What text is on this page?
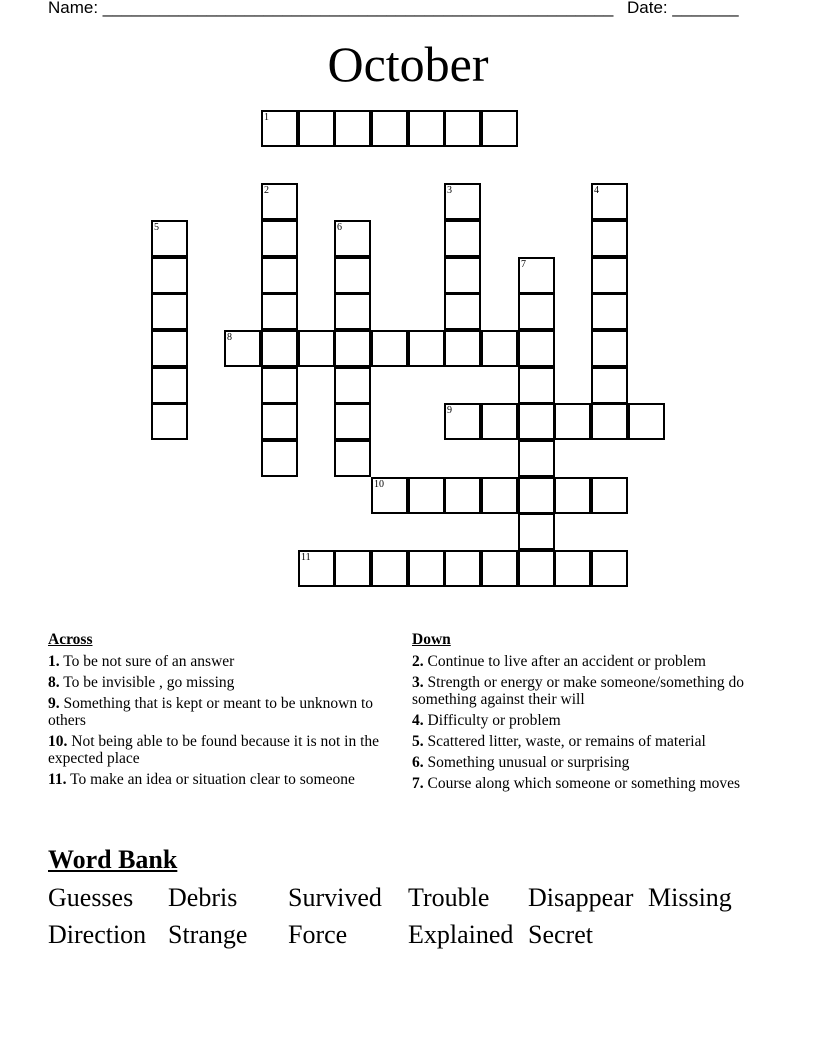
Name: ______________________________________________________ Date: _______
October
1
2	3	4
5	6
7
8
9
10
11
Across
1. To be not sure of an answer
8. To be invisible , go missing
9. Something that is kept or meant to be unknown to others
10. Not being able to be found because it is not in the expected place
11. To make an idea or situation clear to someone
Down
2. Continue to live after an accident or problem
3. Strength or energy or make someone/something do something against their will
4. Difficulty or problem
5. Scattered litter, waste, or remains of material
6. Something unusual or surprising
7. Course along which someone or something moves
Word Bank
Guesses Debris Survived Trouble Disappear Missing
Direction Strange Force Explained Secret
